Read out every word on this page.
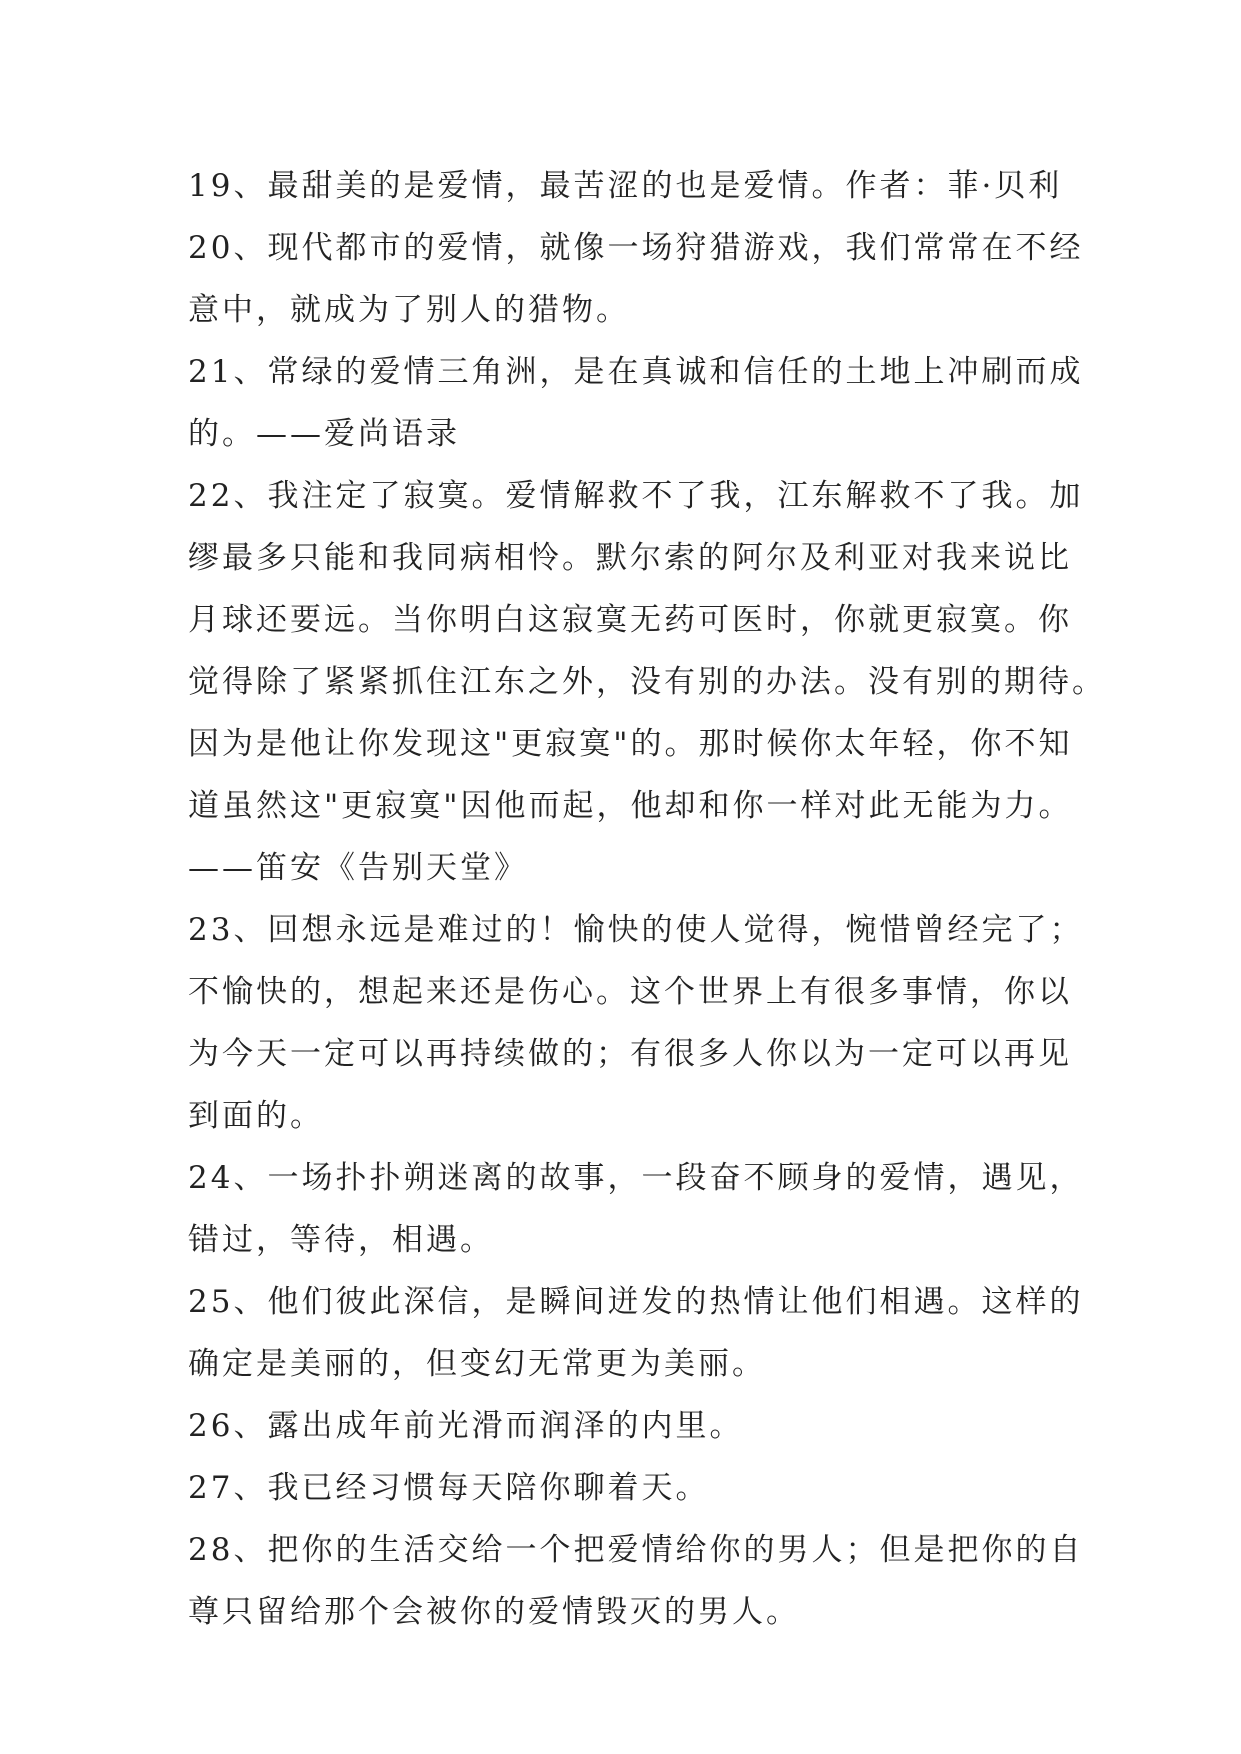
19、最甜美的是爱情，最苦涩的也是爱情。作者：菲·贝利
20、现代都市的爱情，就像一场狩猎游戏，我们常常在不经
意中，就成为了别人的猎物。
21、常绿的爱情三角洲，是在真诚和信任的土地上冲刷而成
的。——爱尚语录
22、我注定了寂寞。爱情解救不了我，江东解救不了我。加
缪最多只能和我同病相怜。默尔索的阿尔及利亚对我来说比
月球还要远。当你明白这寂寞无药可医时，你就更寂寞。你
觉得除了紧紧抓住江东之外，没有别的办法。没有别的期待。
因为是他让你发现这"更寂寞"的。那时候你太年轻，你不知
道虽然这"更寂寞"因他而起，他却和你一样对此无能为力。
——笛安《告别天堂》
23、回想永远是难过的！愉快的使人觉得，惋惜曾经完了；
不愉快的，想起来还是伤心。这个世界上有很多事情，你以
为今天一定可以再持续做的；有很多人你以为一定可以再见
到面的。
24、一场扑扑朔迷离的故事，一段奋不顾身的爱情，遇见，
错过，等待，相遇。
25、他们彼此深信，是瞬间迸发的热情让他们相遇。这样的
确定是美丽的，但变幻无常更为美丽。
26、露出成年前光滑而润泽的内里。
27、我已经习惯每天陪你聊着天。
28、把你的生活交给一个把爱情给你的男人；但是把你的自
尊只留给那个会被你的爱情毁灭的男人。
